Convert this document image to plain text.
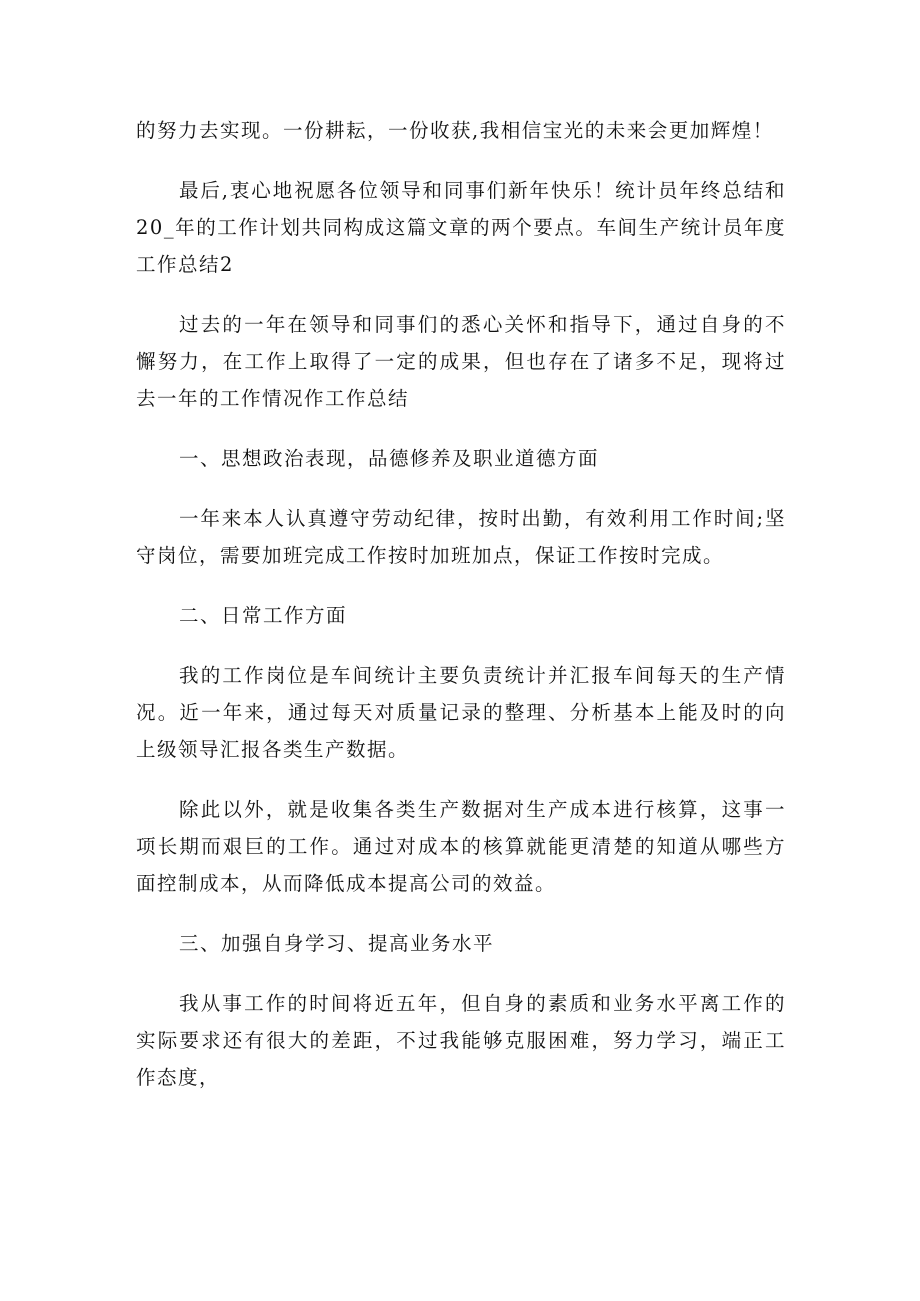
的努力去实现。一份耕耘，一份收获,我相信宝光的未来会更加辉煌！

最后,衷心地祝愿各位领导和同事们新年快乐！统计员年终总结和20_年的工作计划共同构成这篇文章的两个要点。车间生产统计员年度工作总结2

过去的一年在领导和同事们的悉心关怀和指导下，通过自身的不懈努力，在工作上取得了一定的成果，但也存在了诸多不足，现将过去一年的工作情况作工作总结

一、思想政治表现，品德修养及职业道德方面

一年来本人认真遵守劳动纪律，按时出勤，有效利用工作时间;坚守岗位，需要加班完成工作按时加班加点，保证工作按时完成。

二、日常工作方面

我的工作岗位是车间统计主要负责统计并汇报车间每天的生产情况。近一年来，通过每天对质量记录的整理、分析基本上能及时的向上级领导汇报各类生产数据。

除此以外，就是收集各类生产数据对生产成本进行核算，这事一项长期而艰巨的工作。通过对成本的核算就能更清楚的知道从哪些方面控制成本，从而降低成本提高公司的效益。

三、加强自身学习、提高业务水平

我从事工作的时间将近五年，但自身的素质和业务水平离工作的实际要求还有很大的差距，不过我能够克服困难，努力学习，端正工作态度，
